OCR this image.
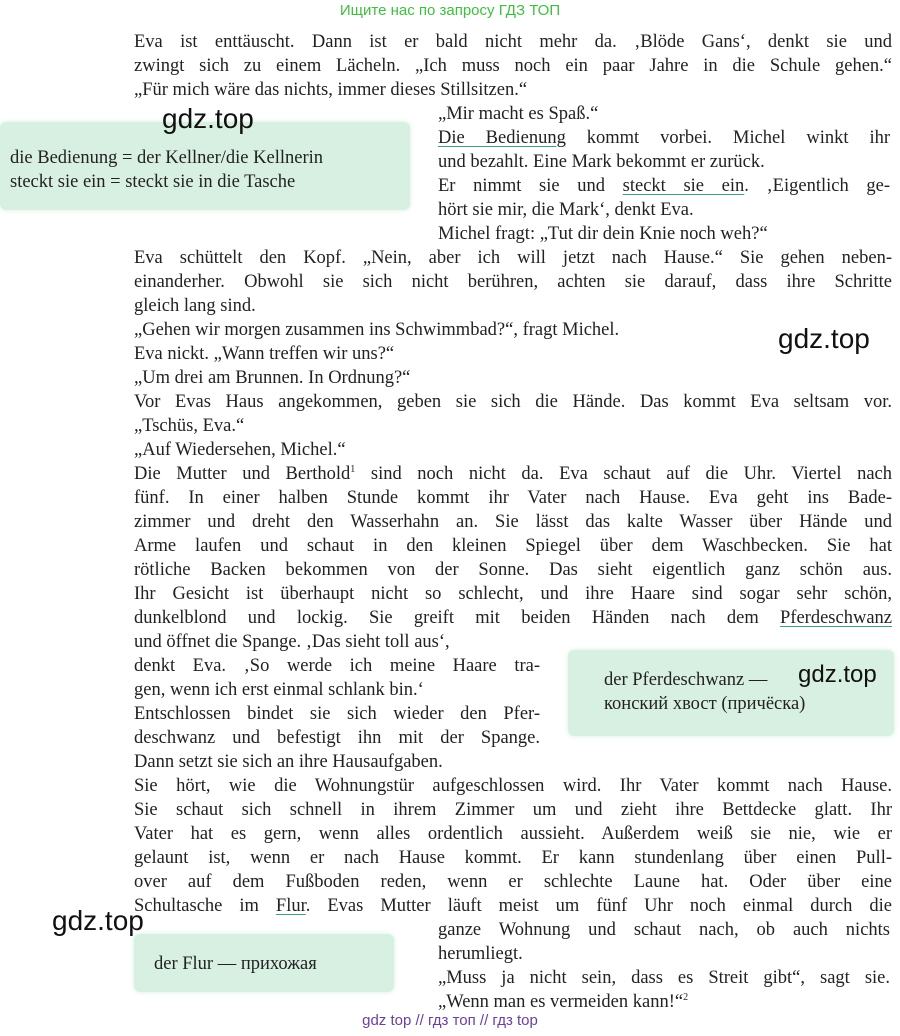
Ищите нас по запросу ГДЗ ТОП
die Bedienung = der Kellner/die Kellnerin
steckt sie ein = steckt sie in die Tasche
der Pferdeschwanz —
конский хвост (причёска)
der Flur — прихожая
Eva ist enttäuscht. Dann ist er bald nicht mehr da. ‚Blöde Gans‘, denkt sie und
zwingt sich zu einem Lächeln. „Ich muss noch ein paar Jahre in die Schule gehen.“
„Für mich wäre das nichts, immer dieses Stillsitzen.“
„Mir macht es Spaß.“
Die Bedienung kommt vorbei. Michel winkt ihr
und bezahlt. Eine Mark bekommt er zurück.
Er nimmt sie und steckt sie ein. ‚Eigentlich ge-
hört sie mir, die Mark‘, denkt Eva.
Michel fragt: „Tut dir dein Knie noch weh?“
Eva schüttelt den Kopf. „Nein, aber ich will jetzt nach Hause.“ Sie gehen neben-
einanderher. Obwohl sie sich nicht berühren, achten sie darauf, dass ihre Schritte
gleich lang sind.
„Gehen wir morgen zusammen ins Schwimmbad?“, fragt Michel.
Eva nickt. „Wann treffen wir uns?“
„Um drei am Brunnen. In Ordnung?“
Vor Evas Haus angekommen, geben sie sich die Hände. Das kommt Eva seltsam vor.
„Tschüs, Eva.“
„Auf Wiedersehen, Michel.“
Die Mutter und Berthold$^1$ sind noch nicht da. Eva schaut auf die Uhr. Viertel nach
fünf. In einer halben Stunde kommt ihr Vater nach Hause. Eva geht ins Bade-
zimmer und dreht den Wasserhahn an. Sie lässt das kalte Wasser über Hände und
Arme laufen und schaut in den kleinen Spiegel über dem Waschbecken. Sie hat
rötliche Backen bekommen von der Sonne. Das sieht eigentlich ganz schön aus.
Ihr Gesicht ist überhaupt nicht so schlecht, und ihre Haare sind sogar sehr schön,
dunkelblond und lockig. Sie greift mit beiden Händen nach dem Pferdeschwanz
und öffnet die Spange. ‚Das sieht toll aus‘,
denkt Eva. ‚So werde ich meine Haare tra-
gen, wenn ich erst einmal schlank bin.‘
Entschlossen bindet sie sich wieder den Pfer-
deschwanz und befestigt ihn mit der Spange.
Dann setzt sie sich an ihre Hausaufgaben.
Sie hört, wie die Wohnungstür aufgeschlossen wird. Ihr Vater kommt nach Hause.
Sie schaut sich schnell in ihrem Zimmer um und zieht ihre Bettdecke glatt. Ihr
Vater hat es gern, wenn alles ordentlich aussieht. Außerdem weiß sie nie, wie er
gelaunt ist, wenn er nach Hause kommt. Er kann stundenlang über einen Pull-
over auf dem Fußboden reden, wenn er schlechte Laune hat. Oder über eine
Schultasche im Flur. Evas Mutter läuft meist um fünf Uhr noch einmal durch die
ganze Wohnung und schaut nach, ob auch nichts
herumliegt.
„Muss ja nicht sein, dass es Streit gibt“, sagt sie.
„Wenn man es vermeiden kann!“$^2$
gdz.top
gdz.top
gdz.top
gdz.top
gdz top // гдз топ // гдз top
